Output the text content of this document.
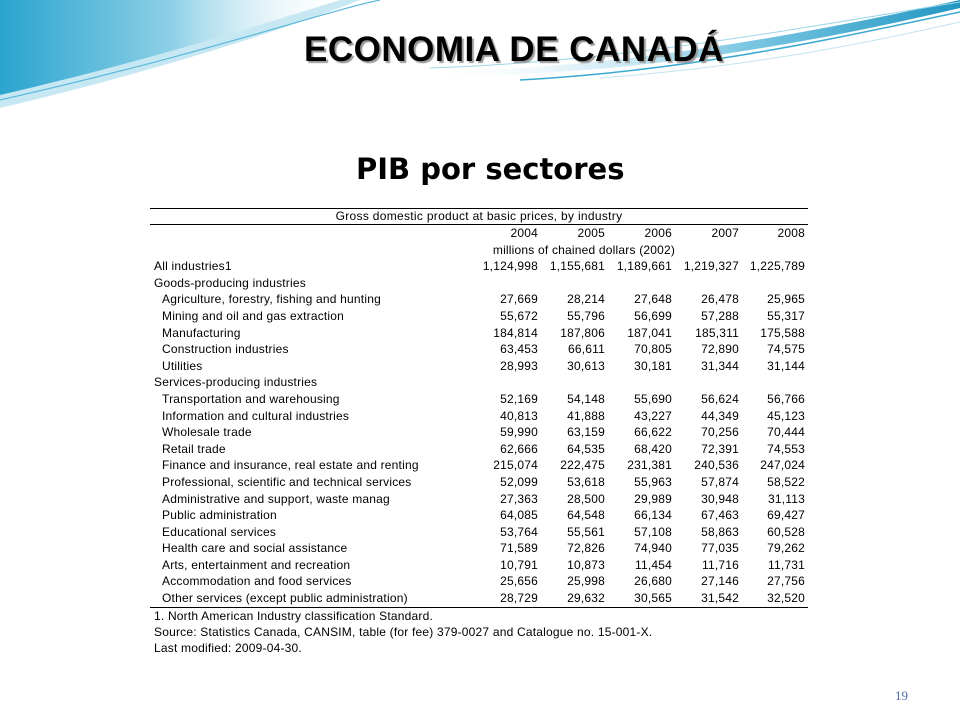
ECONOMIA DE CANADÁ
PIB por sectores
Gross domestic product at basic prices, by industry
2004	2005	2006	2007	2008
millions of chained dollars (2002)
All industries1	1,124,998 1,155,681 1,189,661 1,219,327 1,225,789
Goods-producing industries
Agriculture, forestry, fishing and hunting	27,669	28,214	27,648	26,478	25,965
Mining and oil and gas extraction	55,672	55,796	56,699	57,288	55,317
Manufacturing	184,814	187,806	187,041	185,311	175,588
Construction industries	63,453	66,611	70,805	72,890	74,575
Utilities	28,993	30,613	30,181	31,344	31,144
Services-producing industries
Transportation and warehousing	52,169	54,148	55,690	56,624	56,766
Information and cultural industries	40,813	41,888	43,227	44,349	45,123
Wholesale trade	59,990	63,159	66,622	70,256	70,444
Retail trade	62,666	64,535	68,420	72,391	74,553
Finance and insurance, real estate and renting	215,074	222,475	231,381	240,536	247,024
Professional, scientific and technical services	52,099	53,618	55,963	57,874	58,522
Administrative and support, waste manag	27,363	28,500	29,989	30,948	31,113
Public administration	64,085	64,548	66,134	67,463	69,427
Educational services	53,764	55,561	57,108	58,863	60,528
Health care and social assistance	71,589	72,826	74,940	77,035	79,262
Arts, entertainment and recreation	10,791	10,873	11,454	11,716	11,731
Accommodation and food services	25,656	25,998	26,680	27,146	27,756
Other services (except public administration)	28,729	29,632	30,565	31,542	32,520
1. North American Industry classification Standard.
Source: Statistics Canada, CANSIM, table (for fee) 379-0027 and Catalogue no. 15-001-X.
Last modified: 2009-04-30.
19
